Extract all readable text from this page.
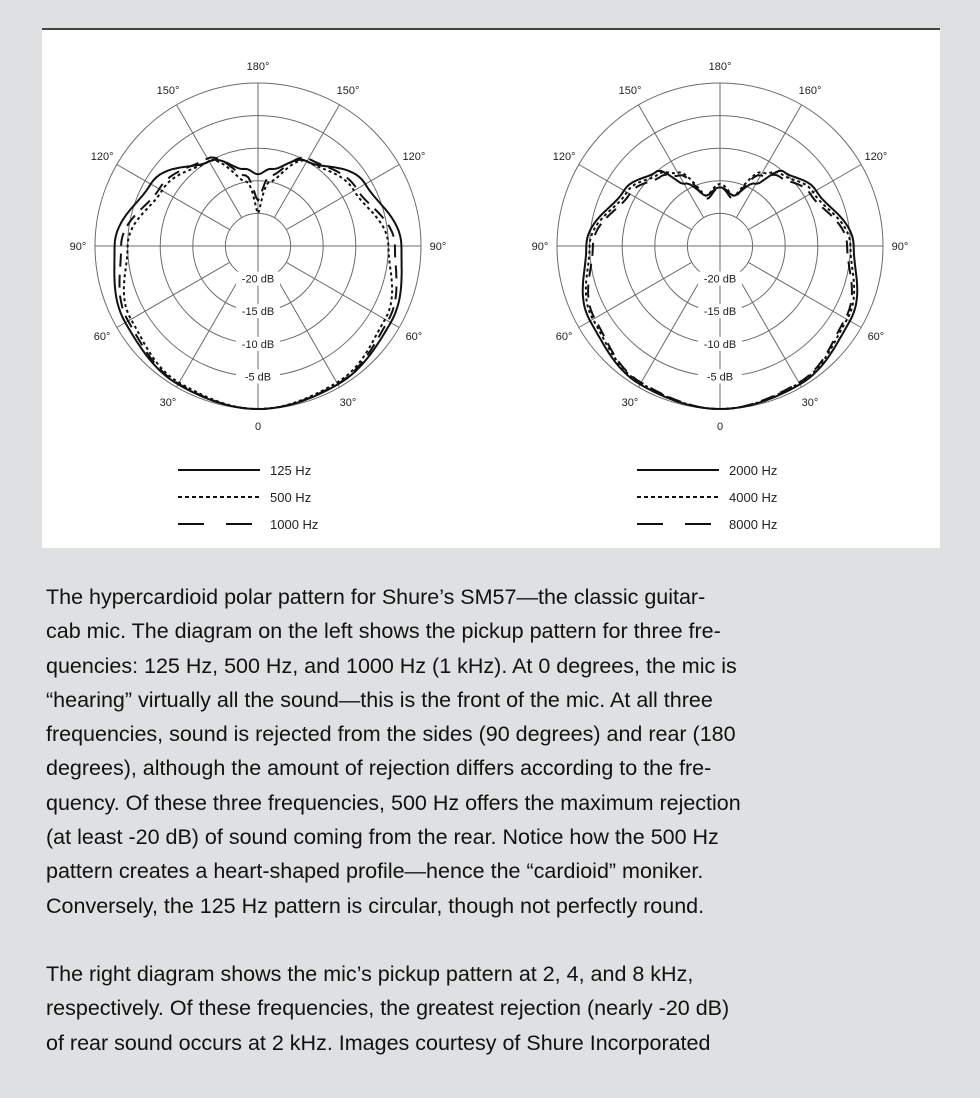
180°
150°	150°
120°	120°
90°	90°
60°	60°
30°	30°
0
-20 dB
-15 dB
-10 dB
-5 dB
125 Hz
500 Hz
1000 Hz
180°
150°	160°
120°	120°
90°	90°
60°	60°
30°	30°
0
-20 dB
-15 dB
-10 dB
-5 dB
2000 Hz
4000 Hz
8000 Hz

The hypercardioid polar pattern for Shure’s SM57—the classic guitar-
cab mic. The diagram on the left shows the pickup pattern for three fre-
quencies: 125 Hz, 500 Hz, and 1000 Hz (1 kHz). At 0 degrees, the mic is
“hearing” virtually all the sound—this is the front of the mic. At all three
frequencies, sound is rejected from the sides (90 degrees) and rear (180
degrees), although the amount of rejection differs according to the fre-
quency. Of these three frequencies, 500 Hz offers the maximum rejection
(at least -20 dB) of sound coming from the rear. Notice how the 500 Hz
pattern creates a heart-shaped profile—hence the “cardioid” moniker.
Conversely, the 125 Hz pattern is circular, though not perfectly round.

The right diagram shows the mic’s pickup pattern at 2, 4, and 8 kHz,
respectively. Of these frequencies, the greatest rejection (nearly -20 dB)
of rear sound occurs at 2 kHz. Images courtesy of Shure Incorporated
